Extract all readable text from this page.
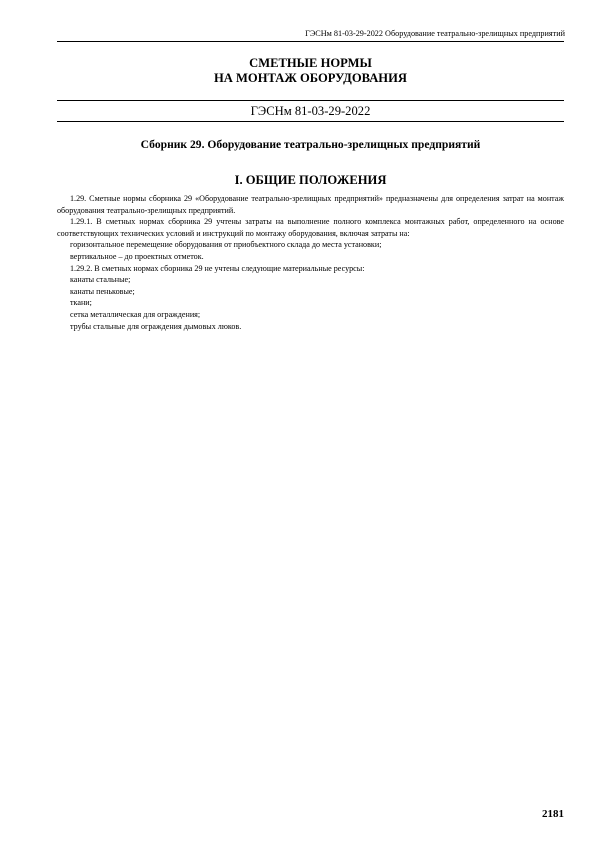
ГЭСНм 81-03-29-2022 Оборудование театрально-зрелищных предприятий
СМЕТНЫЕ НОРМЫ
НА МОНТАЖ ОБОРУДОВАНИЯ
ГЭСНм 81-03-29-2022
Сборник 29. Оборудование театрально-зрелищных предприятий
I. ОБЩИЕ ПОЛОЖЕНИЯ

1.29. Сметные нормы сборника 29 «Оборудование театрально-зрелищных предприятий» предназначены для определения затрат на монтаж оборудования театрально-зрелищных предприятий.

1.29.1. В сметных нормах сборника 29 учтены затраты на выполнение полного комплекса монтажных работ, определенного на основе соответствующих технических условий и инструкций по монтажу оборудования, включая затраты на:

горизонтальное перемещение оборудования от приобъектного склада до места установки;

вертикальное – до проектных отметок.

1.29.2. В сметных нормах сборника 29 не учтены следующие материальные ресурсы:

канаты стальные;

канаты пеньковые;

ткани;

сетка металлическая для ограждения;

трубы стальные для ограждения дымовых люков.

2181
